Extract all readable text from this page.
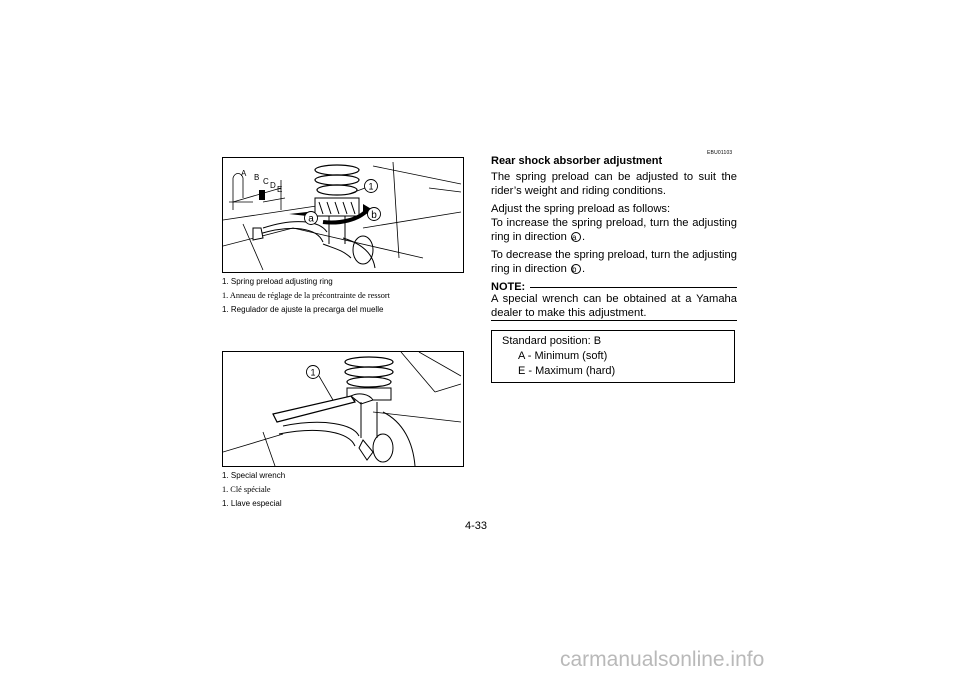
A B C D E	1
a	b
1. Spring preload adjusting ring
1. Anneau de réglage de la précontrainte de ressort
1. Regulador de ajuste la precarga del muelle
1
1. Special wrench
1. Clé spéciale
1. Llave especial
EBU01103
Rear shock absorber adjustment
The spring preload can be adjusted to suit the rider’s weight and riding conditions.
Adjust the spring preload as follows:
To increase the spring preload, turn the adjusting ring in direction a .
To decrease the spring preload, turn the adjusting ring in direction b .
NOTE:
A special wrench can be obtained at a Yamaha dealer to make this adjustment.
Standard position: B
A - Minimum (soft)
E - Maximum (hard)
4-33
carmanualsonline.info
